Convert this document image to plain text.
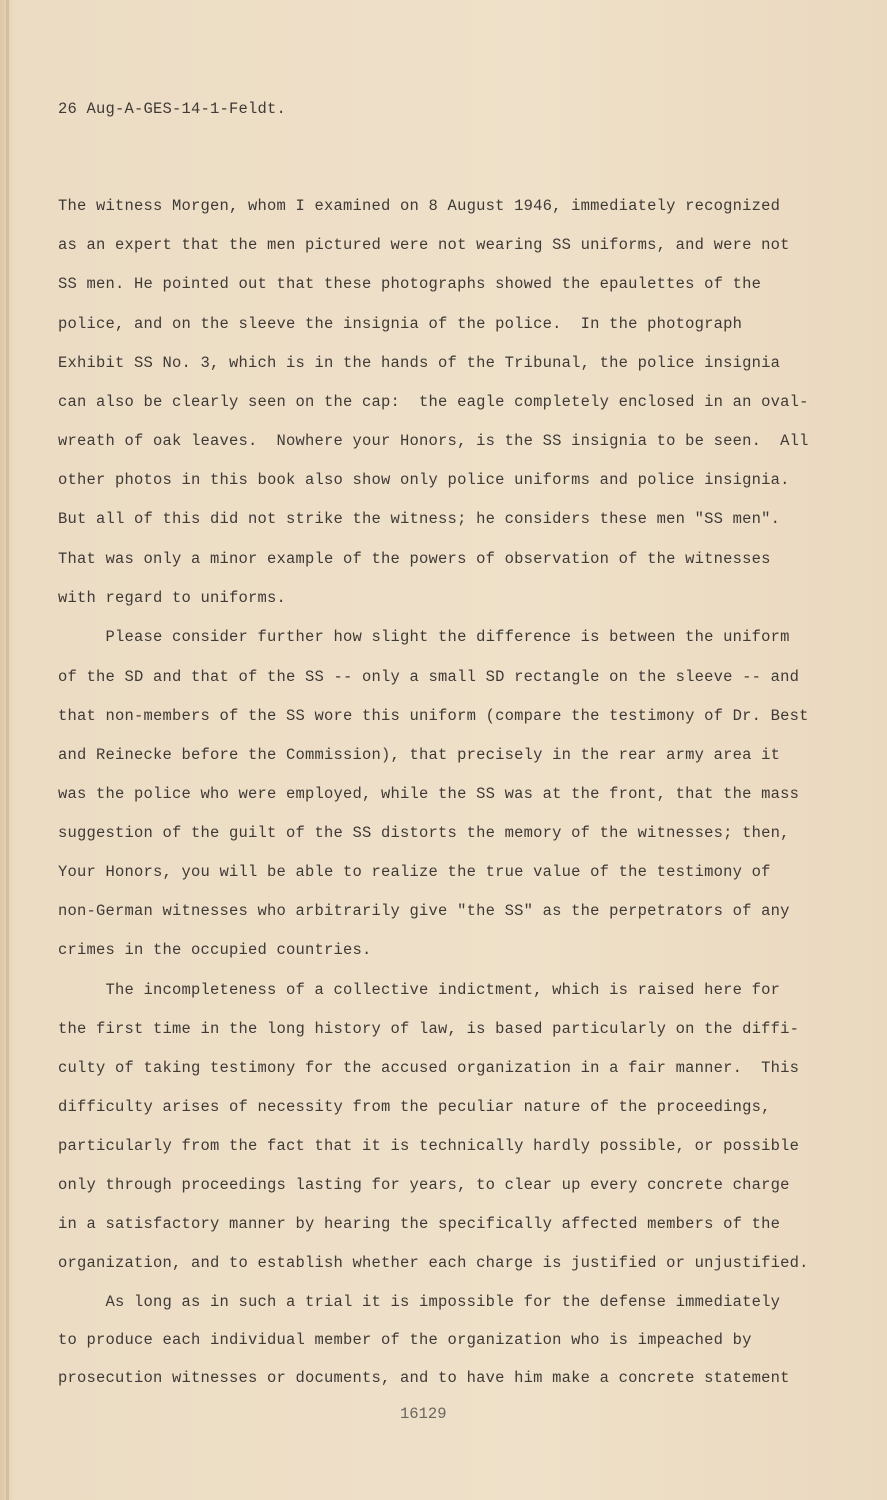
26 Aug-A-GES-14-1-Feldt.
The witness Morgen, whom I examined on 8 August 1946, immediately recognized
as an expert that the men pictured were not wearing SS uniforms, and were not
SS men. He pointed out that these photographs showed the epaulettes of the
police, and on the sleeve the insignia of the police.  In the photograph
Exhibit SS No. 3, which is in the hands of the Tribunal, the police insignia
can also be clearly seen on the cap:  the eagle completely enclosed in an oval-
wreath of oak leaves.  Nowhere your Honors, is the SS insignia to be seen.  All
other photos in this book also show only police uniforms and police insignia.
But all of this did not strike the witness; he considers these men "SS men".
That was only a minor example of the powers of observation of the witnesses
with regard to uniforms.
Please consider further how slight the difference is between the uniform
of the SD and that of the SS -- only a small SD rectangle on the sleeve -- and
that non-members of the SS wore this uniform (compare the testimony of Dr. Best
and Reinecke before the Commission), that precisely in the rear army area it
was the police who were employed, while the SS was at the front, that the mass
suggestion of the guilt of the SS distorts the memory of the witnesses; then,
Your Honors, you will be able to realize the true value of the testimony of
non-German witnesses who arbitrarily give "the SS" as the perpetrators of any
crimes in the occupied countries.
The incompleteness of a collective indictment, which is raised here for
the first time in the long history of law, is based particularly on the diffi-
culty of taking testimony for the accused organization in a fair manner.  This
difficulty arises of necessity from the peculiar nature of the proceedings,
particularly from the fact that it is technically hardly possible, or possible
only through proceedings lasting for years, to clear up every concrete charge
in a satisfactory manner by hearing the specifically affected members of the
organization, and to establish whether each charge is justified or unjustified.
As long as in such a trial it is impossible for the defense immediately
to produce each individual member of the organization who is impeached by
prosecution witnesses or documents, and to have him make a concrete statement
16129
